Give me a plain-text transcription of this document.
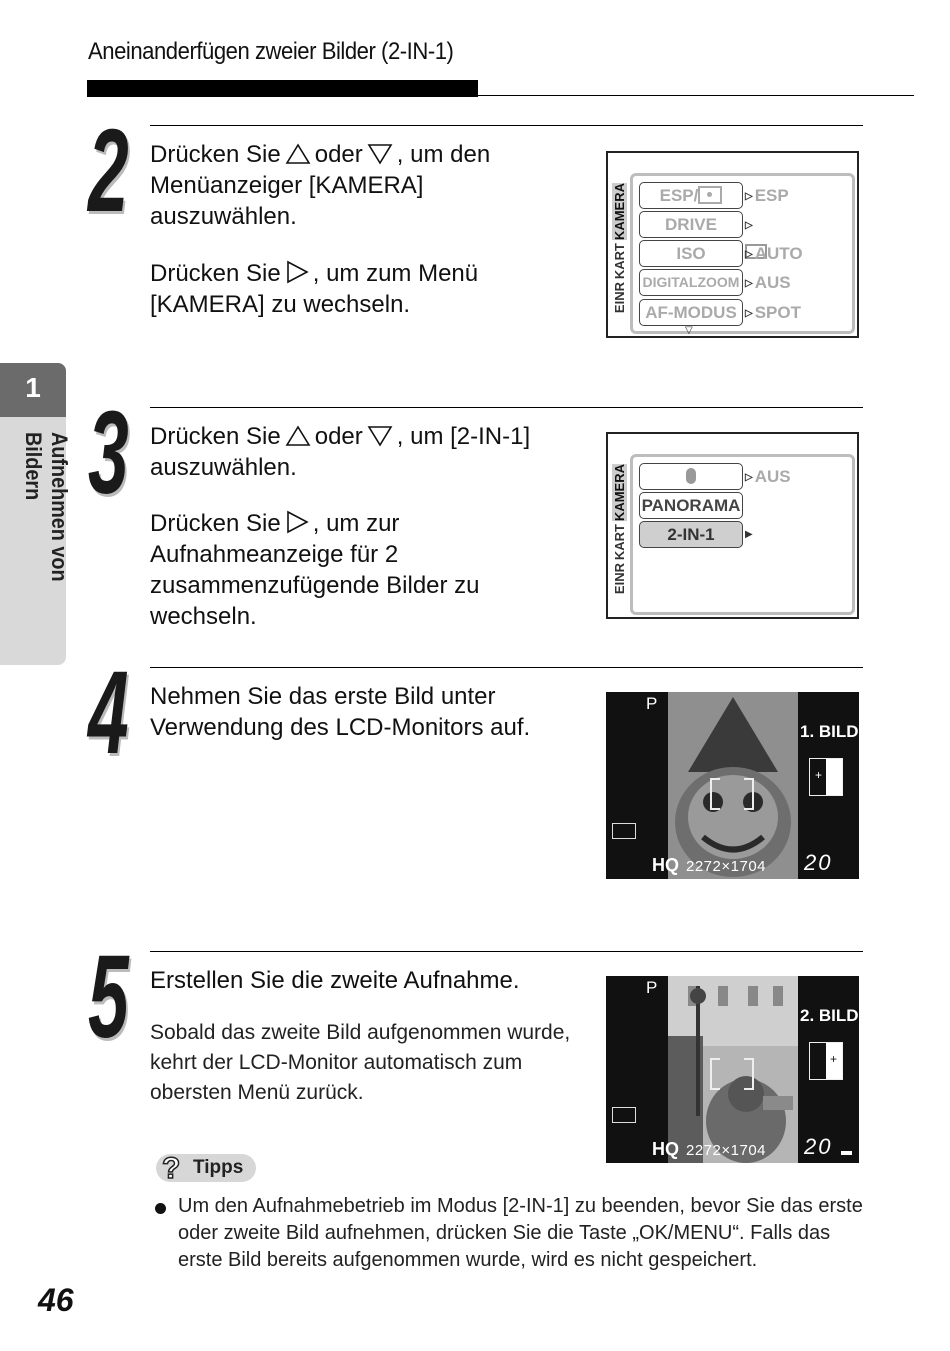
Aneinanderfügen zweier Bilder (2-IN-1)
1
Aufnehmen von Bildern
2 Drücken Sie oder , um den Menüanzeiger [KAMERA] auszuwählen.
Drücken Sie , um zum Menü [KAMERA] zu wechseln.
KAMERA
KART
EINR
ESP/	▷ ESP
DRIVE
▷
ISO	▷ AUTO
DIGITALZOOM ▷ AUS
AF-MODUS	▷ SPOT
▽
3 Drücken Sie oder , um [2-IN-1] auszuwählen.
Drücken Sie , um zur Aufnahmeanzeige für 2 zusammenzufügende Bilder zu wechseln.
KAMERA
KART
EINR
▷ AUS
PANORAMA
2-IN-1	▶
4 Nehmen Sie das erste Bild unter Verwendung des LCD-Monitors auf.
P
1. BILD
+
HQ 2272×1704 20
5 Erstellen Sie die zweite Aufnahme.
Sobald das zweite Bild aufgenommen wurde, kehrt der LCD-Monitor automatisch zum obersten Menü zurück.
P
2. BILD
+
HQ 2272×1704 20
? Tipps
Um den Aufnahmebetrieb im Modus [2-IN-1] zu beenden, bevor Sie das erste oder zweite Bild aufnehmen, drücken Sie die Taste „OK/MENU“. Falls das erste Bild bereits aufgenommen wurde, wird es nicht gespeichert.
46
